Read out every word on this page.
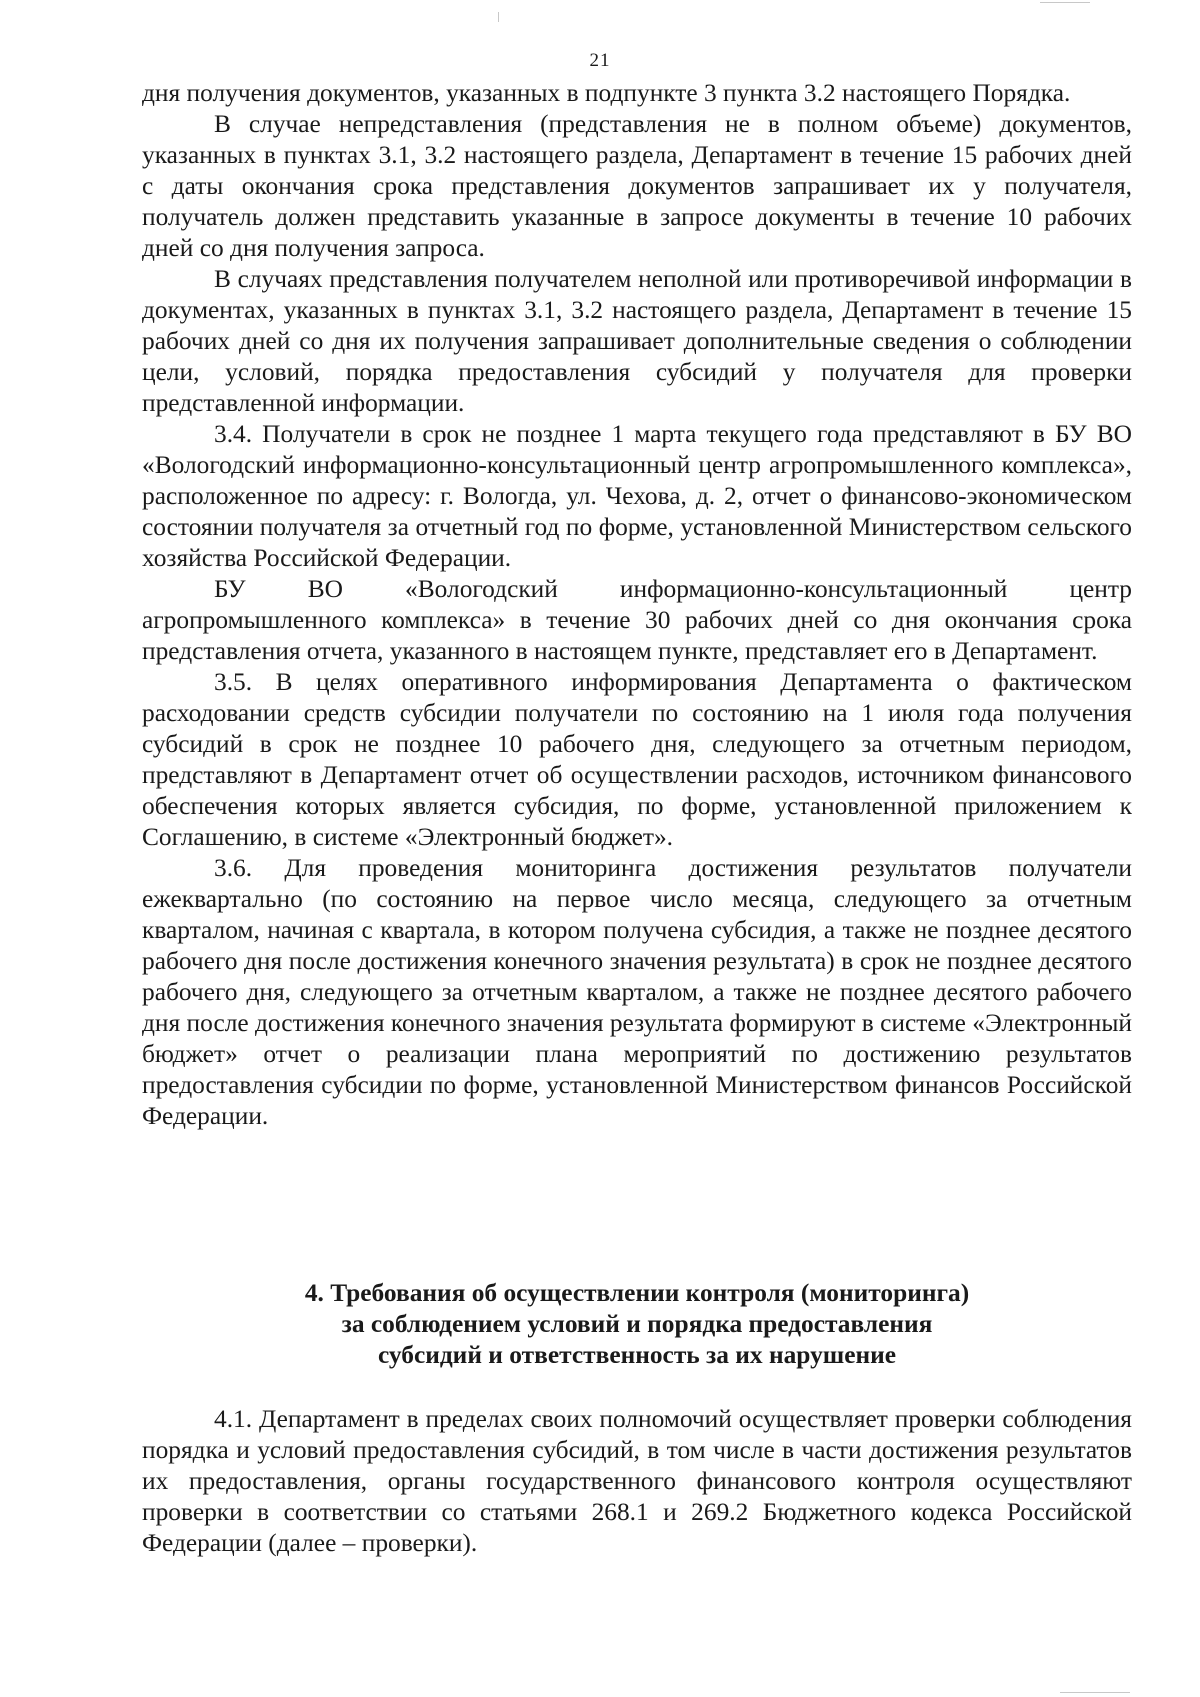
21

дня получения документов, указанных в подпункте 3 пункта 3.2 настоящего Порядка.

В случае непредставления (представления не в полном объеме) документов, указанных в пунктах 3.1, 3.2 настоящего раздела, Департамент в течение 15 рабочих дней с даты окончания срока представления документов запрашивает их у получателя, получатель должен представить указанные в запросе документы в течение 10 рабочих дней со дня получения запроса.

В случаях представления получателем неполной или противоречивой информации в документах, указанных в пунктах 3.1, 3.2 настоящего раздела, Департамент в течение 15 рабочих дней со дня их получения запрашивает дополнительные сведения о соблюдении цели, условий, порядка предоставления субсидий у получателя для проверки представленной информации.

3.4. Получатели в срок не позднее 1 марта текущего года представляют в БУ ВО «Вологодский информационно-консультационный центр агропромышленного комплекса», расположенное по адресу: г. Вологда, ул. Чехова, д. 2, отчет о финансово-экономическом состоянии получателя за отчетный год по форме, установленной Министерством сельского хозяйства Российской Федерации.

БУ ВО «Вологодский информационно-консультационный центр агропромышленного комплекса» в течение 30 рабочих дней со дня окончания срока представления отчета, указанного в настоящем пункте, представляет его в Департамент.

3.5. В целях оперативного информирования Департамента о фактическом расходовании средств субсидии получатели по состоянию на 1 июля года получения субсидий в срок не позднее 10 рабочего дня, следующего за отчетным периодом, представляют в Департамент отчет об осуществлении расходов, источником финансового обеспечения которых является субсидия, по форме, установленной приложением к Соглашению, в системе «Электронный бюджет».

3.6. Для проведения мониторинга достижения результатов получатели ежеквартально (по состоянию на первое число месяца, следующего за отчетным кварталом, начиная с квартала, в котором получена субсидия, а также не позднее десятого рабочего дня после достижения конечного значения результата) в срок не позднее десятого рабочего дня, следующего за отчетным кварталом, а также не позднее десятого рабочего дня после достижения конечного значения результата формируют в системе «Электронный бюджет» отчет о реализации плана мероприятий по достижению результатов предоставления субсидии по форме, установленной Министерством финансов Российской Федерации.

4. Требования об осуществлении контроля (мониторинга)
за соблюдением условий и порядка предоставления
субсидий и ответственность за их нарушение

4.1. Департамент в пределах своих полномочий осуществляет проверки соблюдения порядка и условий предоставления субсидий, в том числе в части достижения результатов их предоставления, органы государственного финансового контроля осуществляют проверки в соответствии со статьями 268.1 и 269.2 Бюджетного кодекса Российской Федерации (далее – проверки).
